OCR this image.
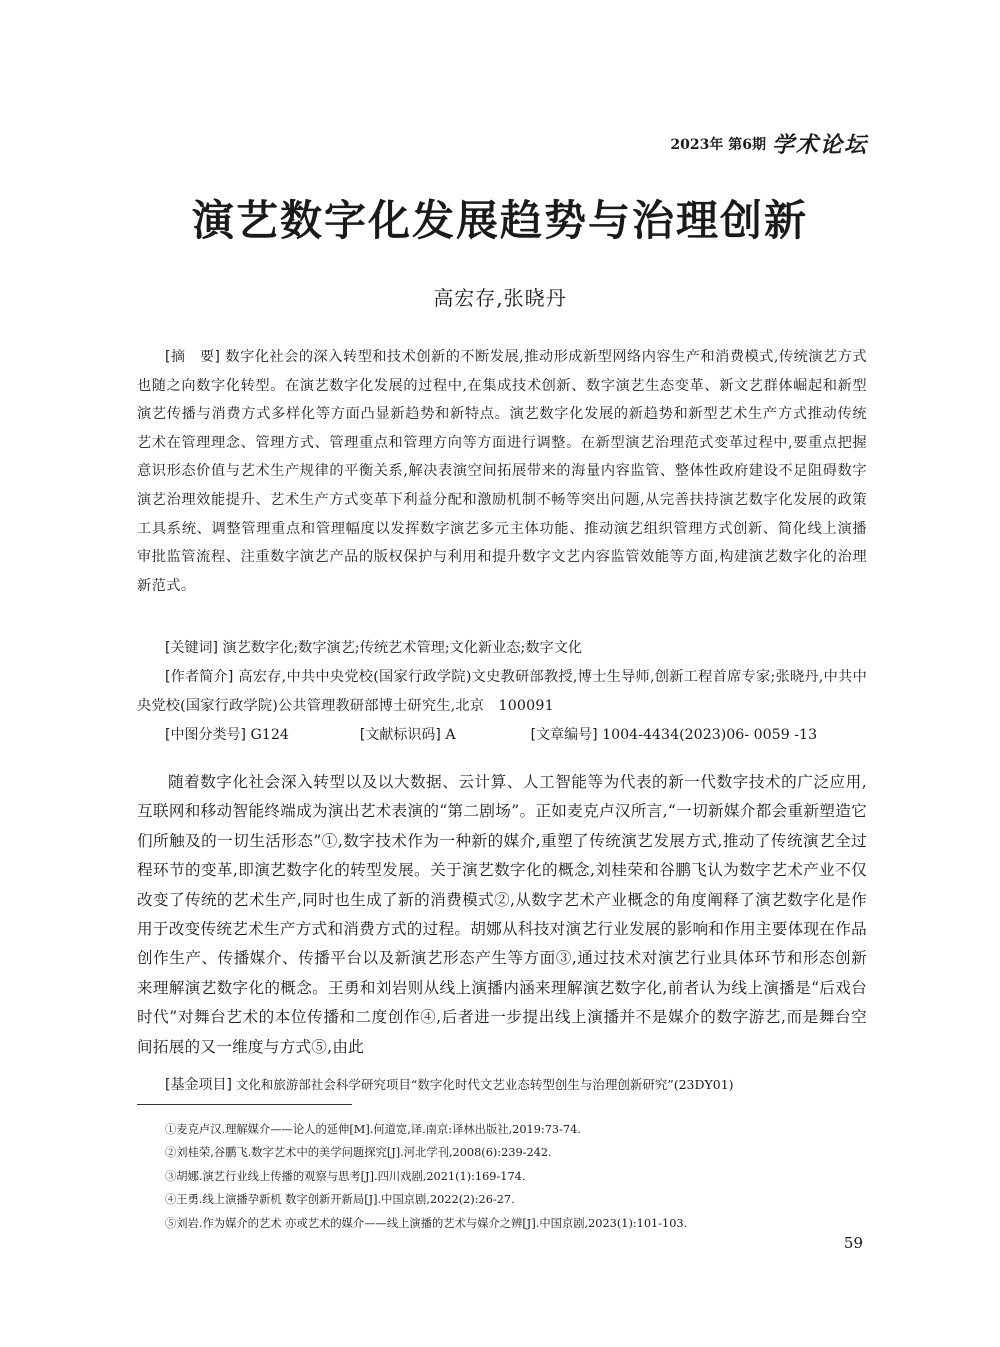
2023年 第6期 学术论坛
演艺数字化发展趋势与治理创新
高宏存,张晓丹
[摘　要] 数字化社会的深入转型和技术创新的不断发展,推动形成新型网络内容生产和消费模式,传统演艺方式也随之向数字化转型。在演艺数字化发展的过程中,在集成技术创新、数字演艺生态变革、新文艺群体崛起和新型演艺传播与消费方式多样化等方面凸显新趋势和新特点。演艺数字化发展的新趋势和新型艺术生产方式推动传统艺术在管理理念、管理方式、管理重点和管理方向等方面进行调整。在新型演艺治理范式变革过程中,要重点把握意识形态价值与艺术生产规律的平衡关系,解决表演空间拓展带来的海量内容监管、整体性政府建设不足阻碍数字演艺治理效能提升、艺术生产方式变革下利益分配和激励机制不畅等突出问题,从完善扶持演艺数字化发展的政策工具系统、调整管理重点和管理幅度以发挥数字演艺多元主体功能、推动演艺组织管理方式创新、简化线上演播审批监管流程、注重数字演艺产品的版权保护与利用和提升数字文艺内容监管效能等方面,构建演艺数字化的治理新范式。
[关键词] 演艺数字化;数字演艺;传统艺术管理;文化新业态;数字文化
[作者简介] 高宏存,中共中央党校(国家行政学院)文史教研部教授,博士生导师,创新工程首席专家;张晓丹,中共中央党校(国家行政学院)公共管理教研部博士研究生,北京　100091
[中图分类号] G124	[文献标识码] A	[文章编号] 1004-4434(2023)06- 0059 -13
随着数字化社会深入转型以及以大数据、云计算、人工智能等为代表的新一代数字技术的广泛应用,互联网和移动智能终端成为演出艺术表演的“第二剧场”。正如麦克卢汉所言,“一切新媒介都会重新塑造它们所触及的一切生活形态”①,数字技术作为一种新的媒介,重塑了传统演艺发展方式,推动了传统演艺全过程环节的变革,即演艺数字化的转型发展。关于演艺数字化的概念,刘桂荣和谷鹏飞认为数字艺术产业不仅改变了传统的艺术生产,同时也生成了新的消费模式②,从数字艺术产业概念的角度阐释了演艺数字化是作用于改变传统艺术生产方式和消费方式的过程。胡娜从科技对演艺行业发展的影响和作用主要体现在作品创作生产、传播媒介、传播平台以及新演艺形态产生等方面③,通过技术对演艺行业具体环节和形态创新来理解演艺数字化的概念。王勇和刘岩则从线上演播内涵来理解演艺数字化,前者认为线上演播是“后戏台时代”对舞台艺术的本位传播和二度创作④,后者进一步提出线上演播并不是媒介的数字游艺,而是舞台空间拓展的又一维度与方式⑤,由此
[基金项目] 文化和旅游部社会科学研究项目“数字化时代文艺业态转型创生与治理创新研究”(23DY01)
①麦克卢汉.理解媒介——论人的延伸[M].何道宽,译.南京:译林出版社,2019:73-74.
②刘桂荣,谷鹏飞.数字艺术中的美学问题探究[J].河北学刊,2008(6):239-242.
③胡娜.演艺行业线上传播的观察与思考[J].四川戏剧,2021(1):169-174.
④王勇.线上演播孕新机 数字创新开新局[J].中国京剧,2022(2):26-27.
⑤刘岩.作为媒介的艺术 亦或艺术的媒介——线上演播的艺术与媒介之辨[J].中国京剧,2023(1):101-103.
59
